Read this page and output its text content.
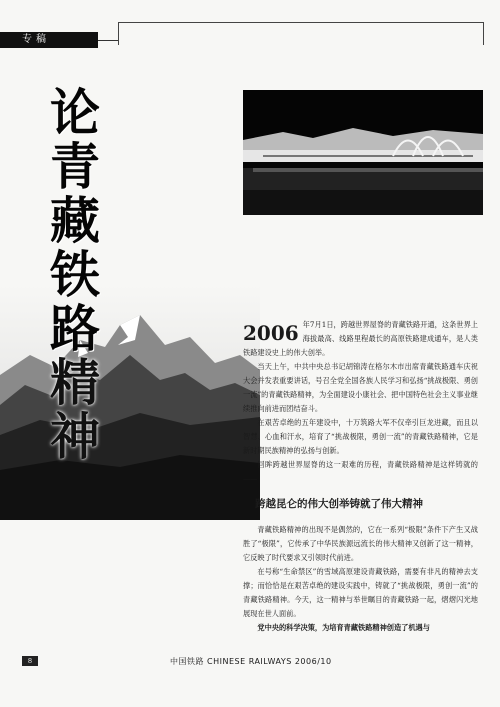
专稿
论
青
藏
铁
路
精
神
2006 年7月1日，跨越世界屋脊的青藏铁路开通，这条世界上海拔最高、线路里程最长的高原铁路建成通车，是人类铁路建设史上的伟大创举。

当天上午，中共中央总书记胡锦涛在格尔木市出席青藏铁路通车庆祝大会并发表重要讲话，号召全党全国各族人民学习和弘扬“挑战极限、勇创一流”的青藏铁路精神，为全面建设小康社会、把中国特色社会主义事业继续推向前进而团结奋斗。

在艰苦卓绝的五年建设中，十万筑路大军不仅牵引巨龙进藏，而且以智慧、心血和汗水，培育了“挑战极限，勇创一流”的青藏铁路精神，它是新时期民族精神的弘扬与创新。

回眸跨越世界屋脊的这一艰难的历程，青藏铁路精神是这样铸就的——

跨越昆仑的伟大创举铸就了伟大精神

青藏铁路精神的出现不是偶然的，它在一系列“极限”条件下产生又战胜了“极限”，它传承了中华民族源远流长的伟大精神又创新了这一精神，它反映了时代要求又引领时代前进。

在号称“生命禁区”的雪域高原建设青藏铁路，需要有非凡的精神去支撑；而恰恰是在艰苦卓绝的建设实践中，铸就了“挑战极限，勇创一流”的青藏铁路精神。今天，这一精神与举世瞩目的青藏铁路一起，熠熠闪光地展现在世人面前。

党中央的科学决策，为培育青藏铁路精神创造了机遇与

8	中国铁路 CHINESE RAILWAYS 2006/10
